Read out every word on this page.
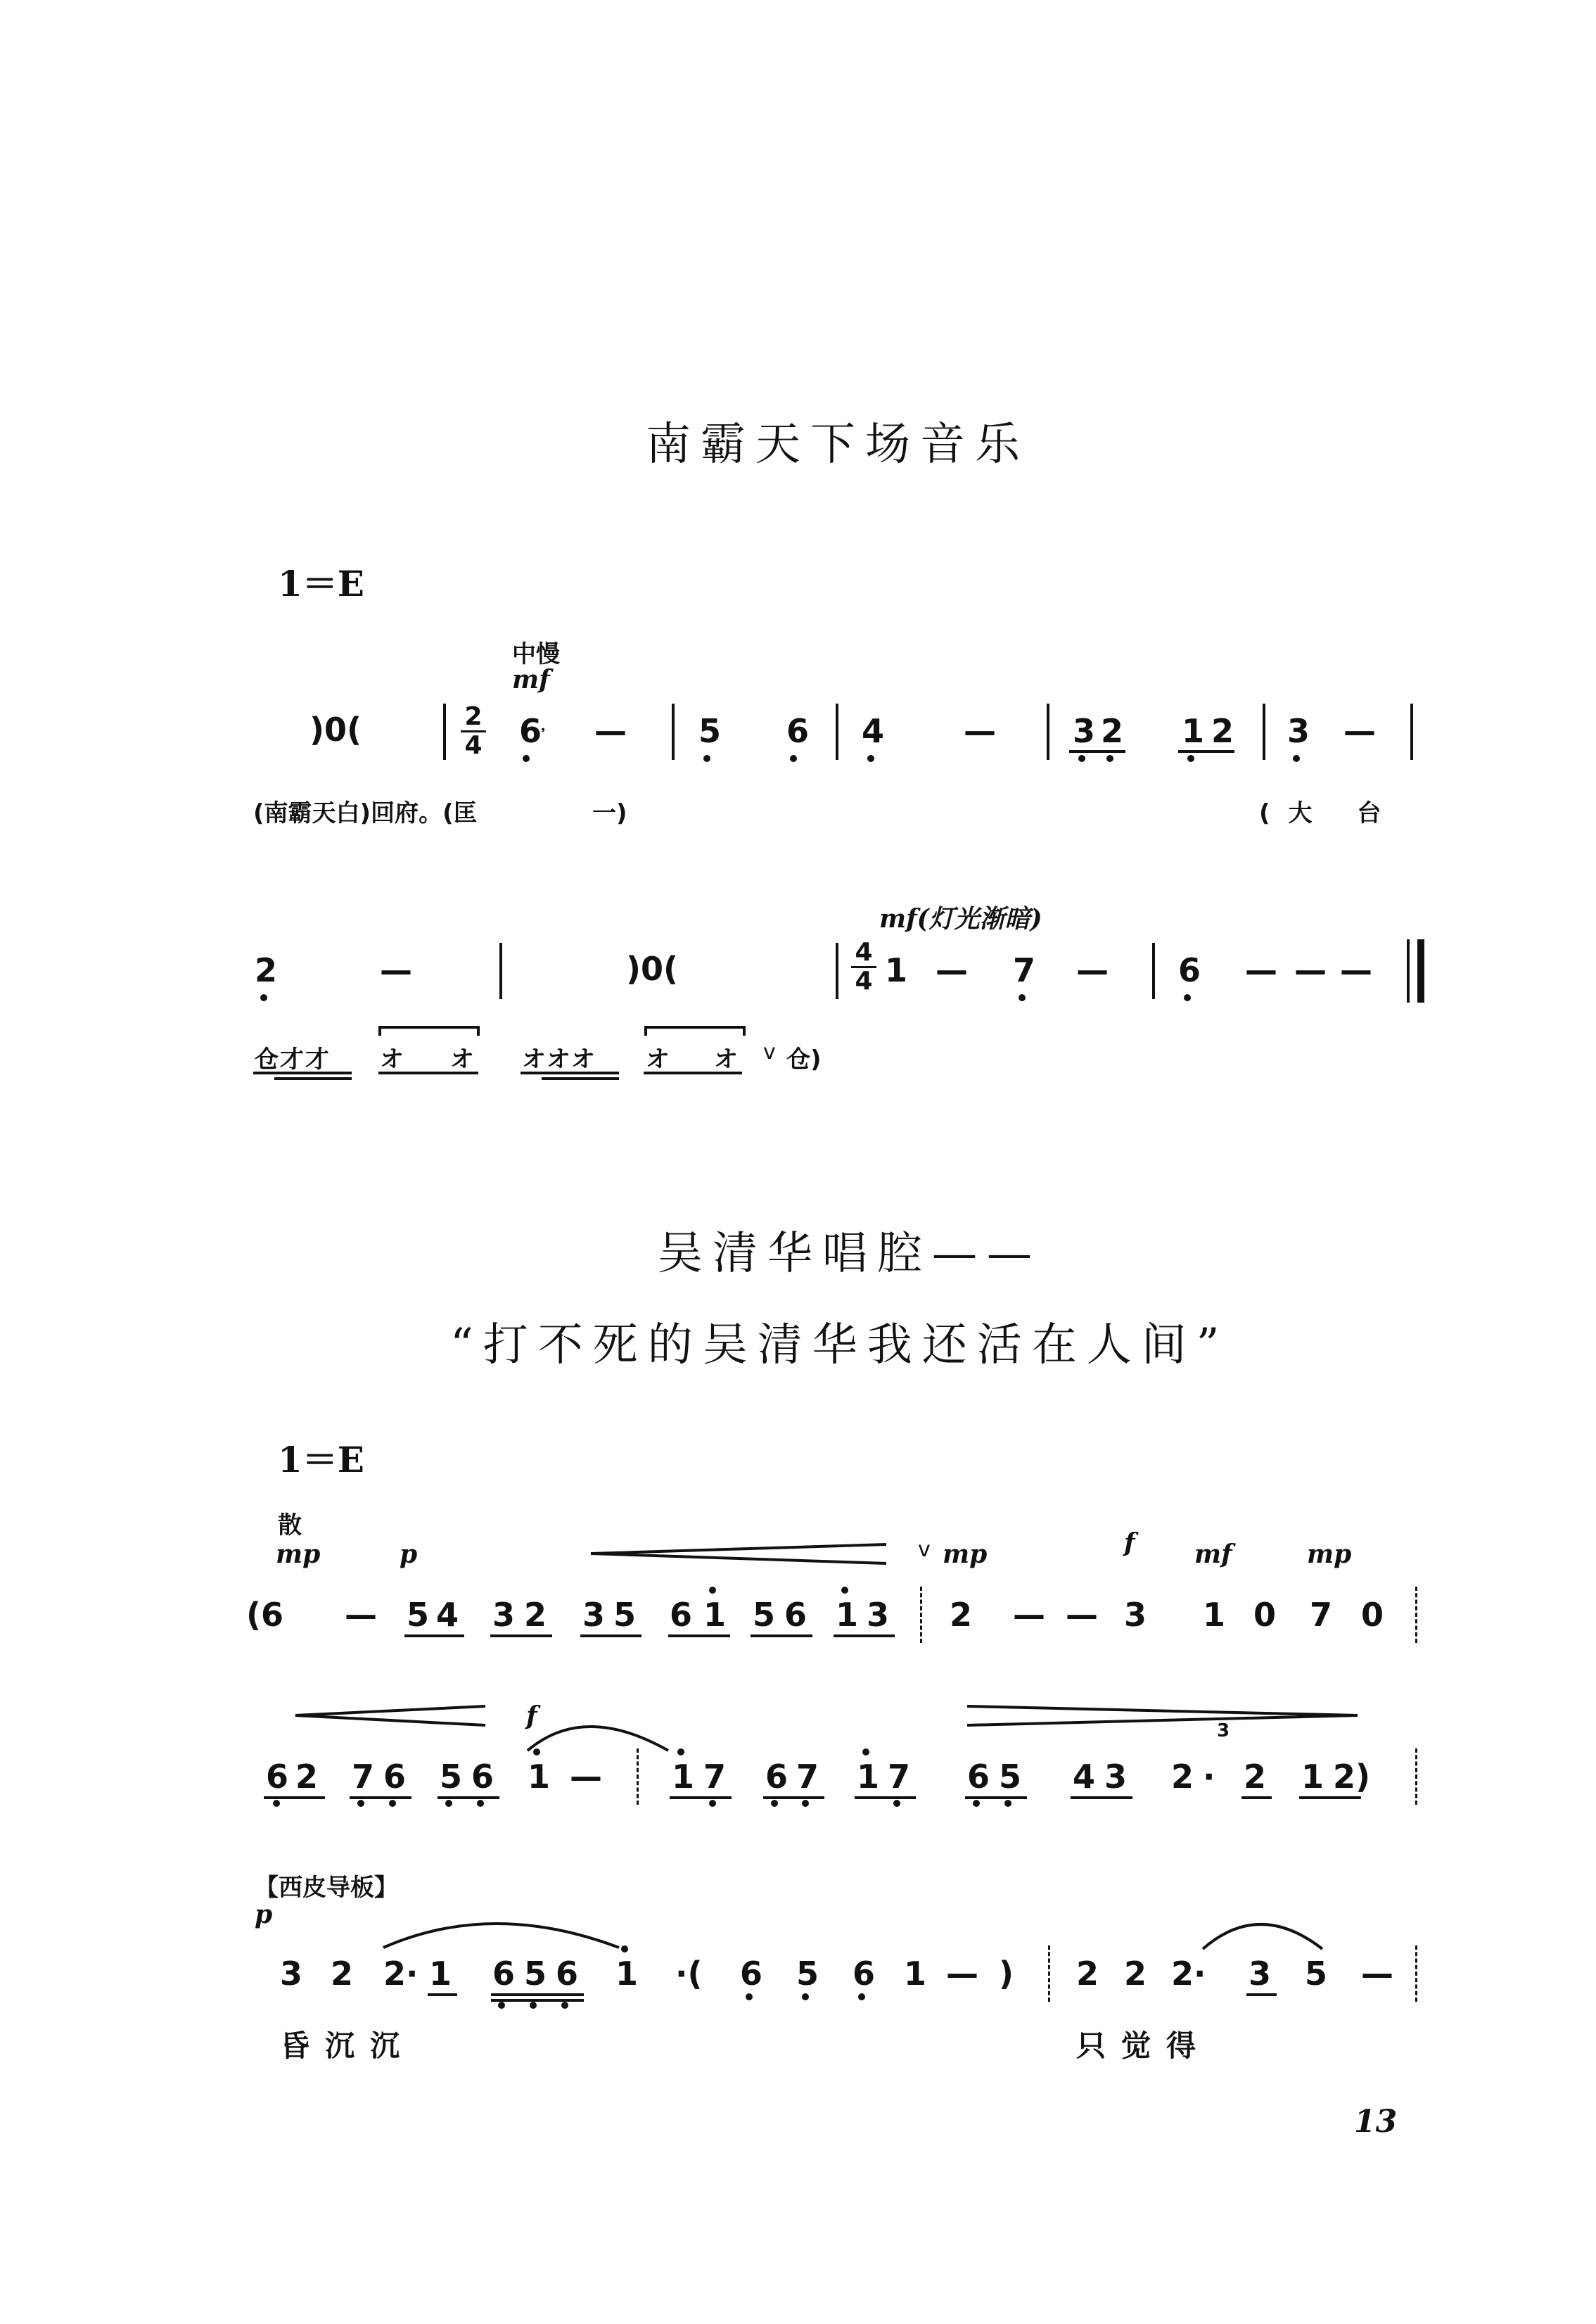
南霸天下场音乐
1＝E
中慢
mf
)0(	2
4 6𝄒 — 5 6 4 — 3 2 1 2 3 —
(南霸天白)回府。(匡	一)	(大 台
mf(灯光渐暗)
2	—	)0(	4
4 1 — 7 — 6 — — —
仓才才 オ オ オオオ オ オ 仓)
吴清华唱腔——
“打不死的吴清华我还活在人间”
1＝E
散
mp	p	mp	f mf	mp
(6 — 5 4 3 2 3 5 6 1 5 6 1 3 2 — — 3 1 0 7 0
f
6 2 7 6 5 6 1 — 1 7 6 7 1 7 6 5 4 3 2 ·
3
2 1 2)
【西皮导板】
p
3 2 2· 1 6 5 6 1 ·( 6 5 6 1 — ) 2 2 2· 3 5 —
昏沉沉	只觉得
13
v
v
